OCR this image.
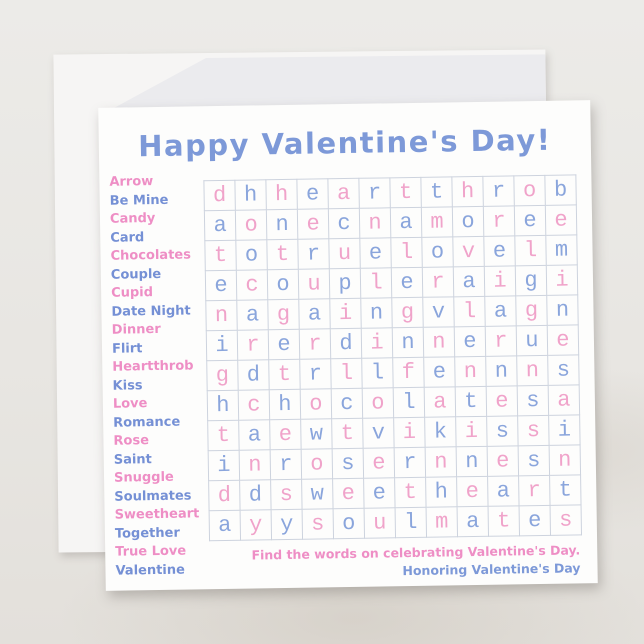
Happy Valentine's Day!
Arrow
Be Mine
Candy
Card
Chocolates
Couple
Cupid
Date Night
Dinner
Flirt
Heartthrob
Kiss
Love
Romance
Rose
Saint
Snuggle
Soulmates
Sweetheart
Together
True Love
Valentine
d	h	h	e	a	r	t	t	h	r	o	b
a	o	n	e	c	n	a	m	o	r	e	e
t	o	t	r	u	e	l	o	v	e	l	m
e	c	o	u	p	l	e	r	a	i	g	i
n	a	g	a	i	n	g	v	l	a	g	n
i	r	e	r	d	i	n	n	e	r	u	e
g	d	t	r	l	l	f	e	n	n	n	s
h	c	h	o	c	o	l	a	t	e	s	a
t	a	e	w	t	v	i	k	i	s	s	i
i	n	r	o	s	e	r	n	n	e	s	n
d	d	s	w	e	e	t	h	e	a	r	t
a	y	y	s	o	u	l	m	a	t	e	s
Find the words on celebrating Valentine's Day.
Honoring Valentine's Day
